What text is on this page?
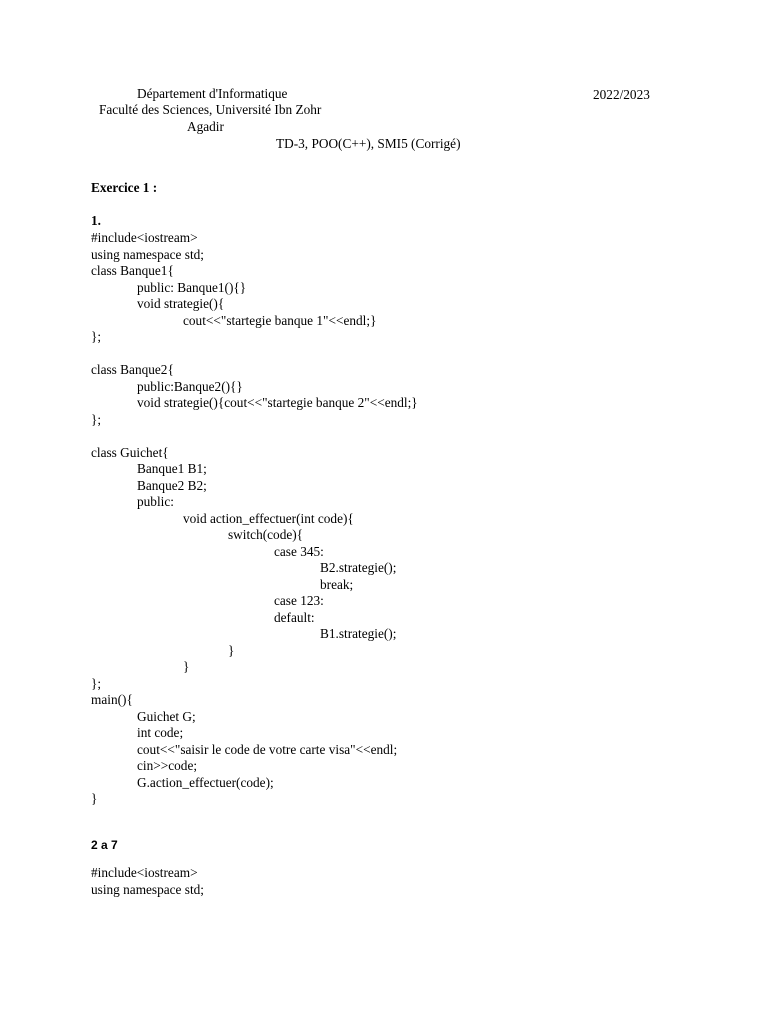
Département d'Informatique	2022/2023
Faculté des Sciences, Université Ibn Zohr
Agadir
TD-3, POO(C++), SMI5 (Corrigé)
Exercice 1 :
1.
#include<iostream>
using namespace std;
class Banque1{
public: Banque1(){}
void strategie(){
cout<<"startegie banque 1"<<endl;}
};
class Banque2{
public:Banque2(){}
void strategie(){cout<<"startegie banque 2"<<endl;}
};
class Guichet{
Banque1 B1;
Banque2 B2;
public:
void action_effectuer(int code){
switch(code){
case 345:
B2.strategie();
break;
case 123:
default:
B1.strategie();
}
}
};
main(){
Guichet G;
int code;
cout<<"saisir le code de votre carte visa"<<endl;
cin>>code;
G.action_effectuer(code);
}
2 a 7
#include<iostream>
using namespace std;
